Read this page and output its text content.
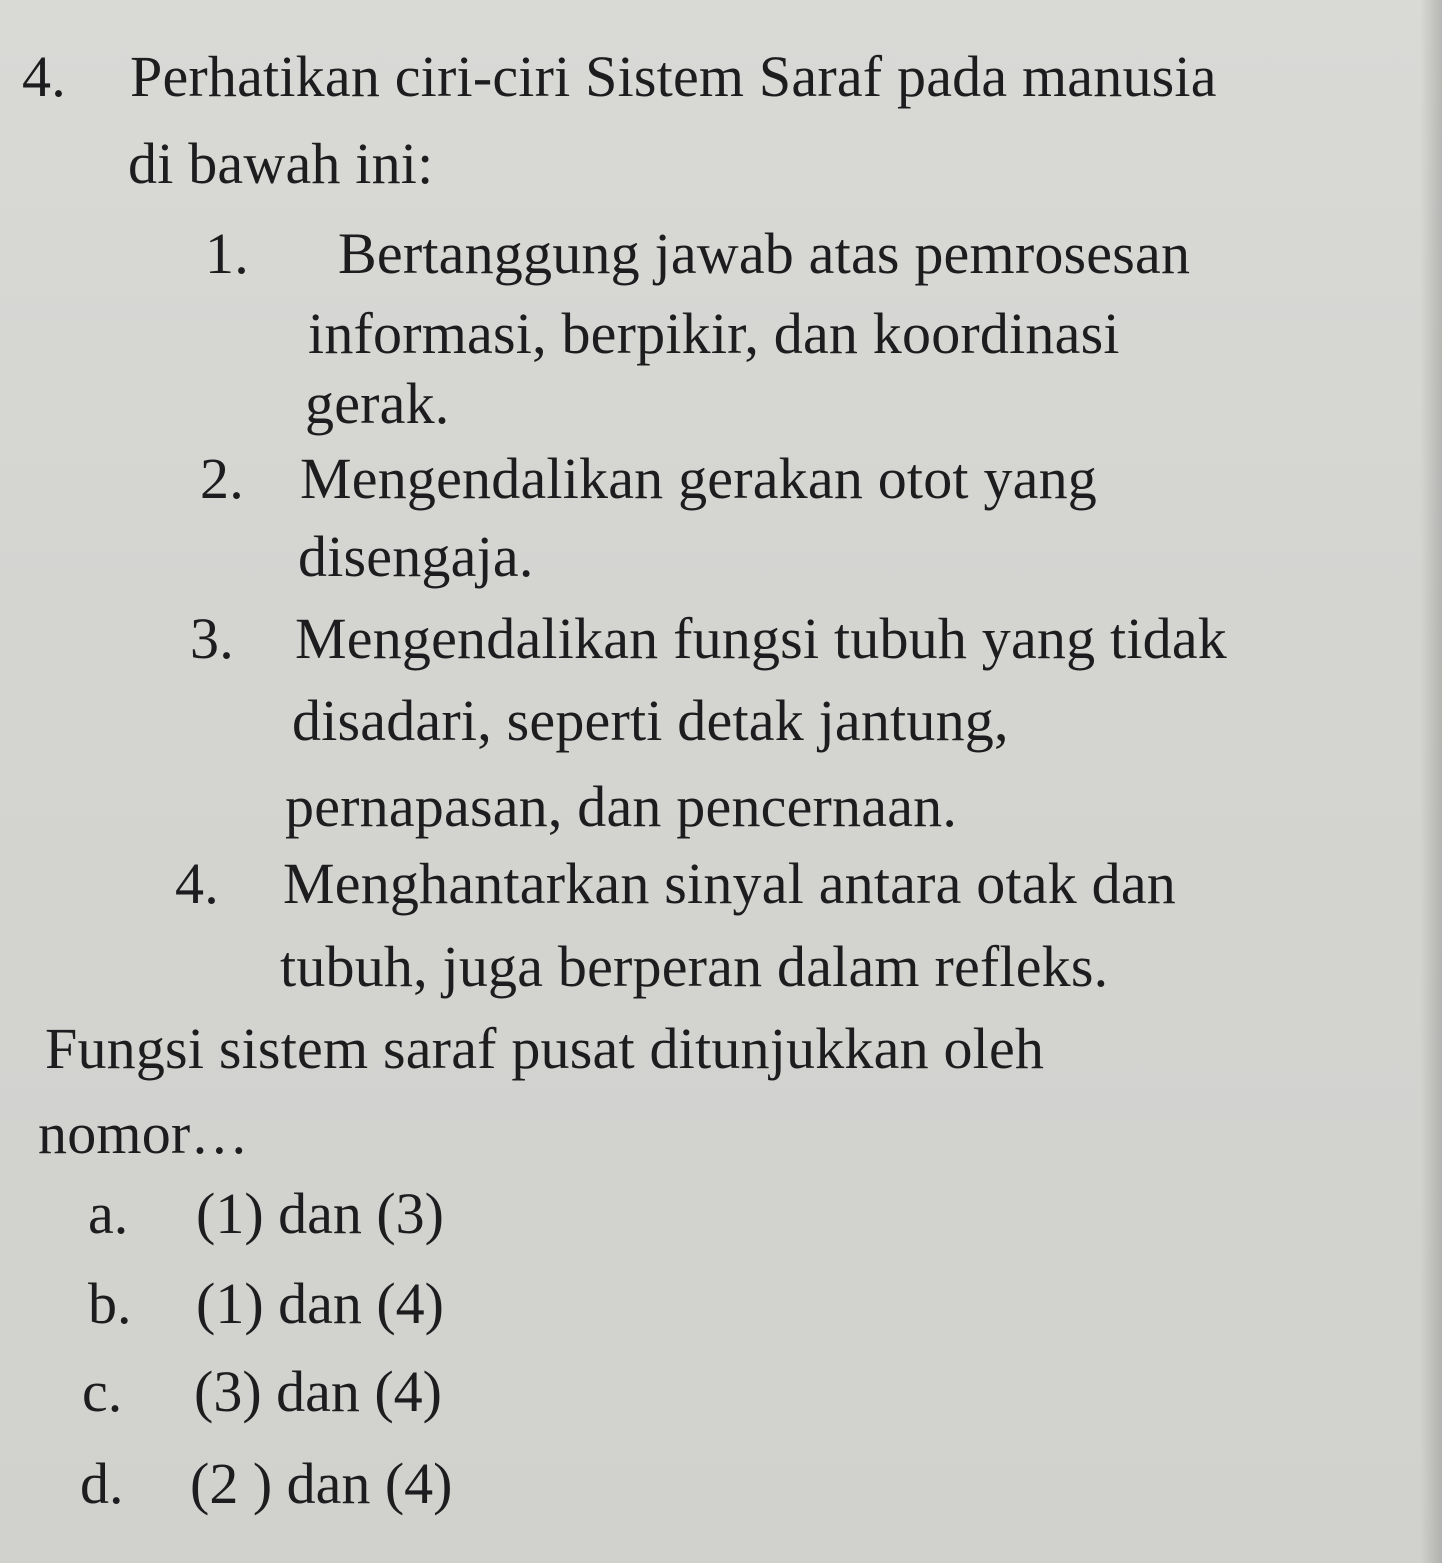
4. Perhatikan ciri-ciri Sistem Saraf pada manusia
di bawah ini:
1. Bertanggung jawab atas pemrosesan
informasi, berpikir, dan koordinasi
gerak.
2. Mengendalikan gerakan otot yang
disengaja.
3. Mengendalikan fungsi tubuh yang tidak
disadari, seperti detak jantung,
pernapasan, dan pencernaan.
4. Menghantarkan sinyal antara otak dan
tubuh, juga berperan dalam refleks.
Fungsi sistem saraf pusat ditunjukkan oleh
nomor…
a. (1) dan (3)
b. (1) dan (4)
c. (3) dan (4)
d. (2 ) dan (4)
